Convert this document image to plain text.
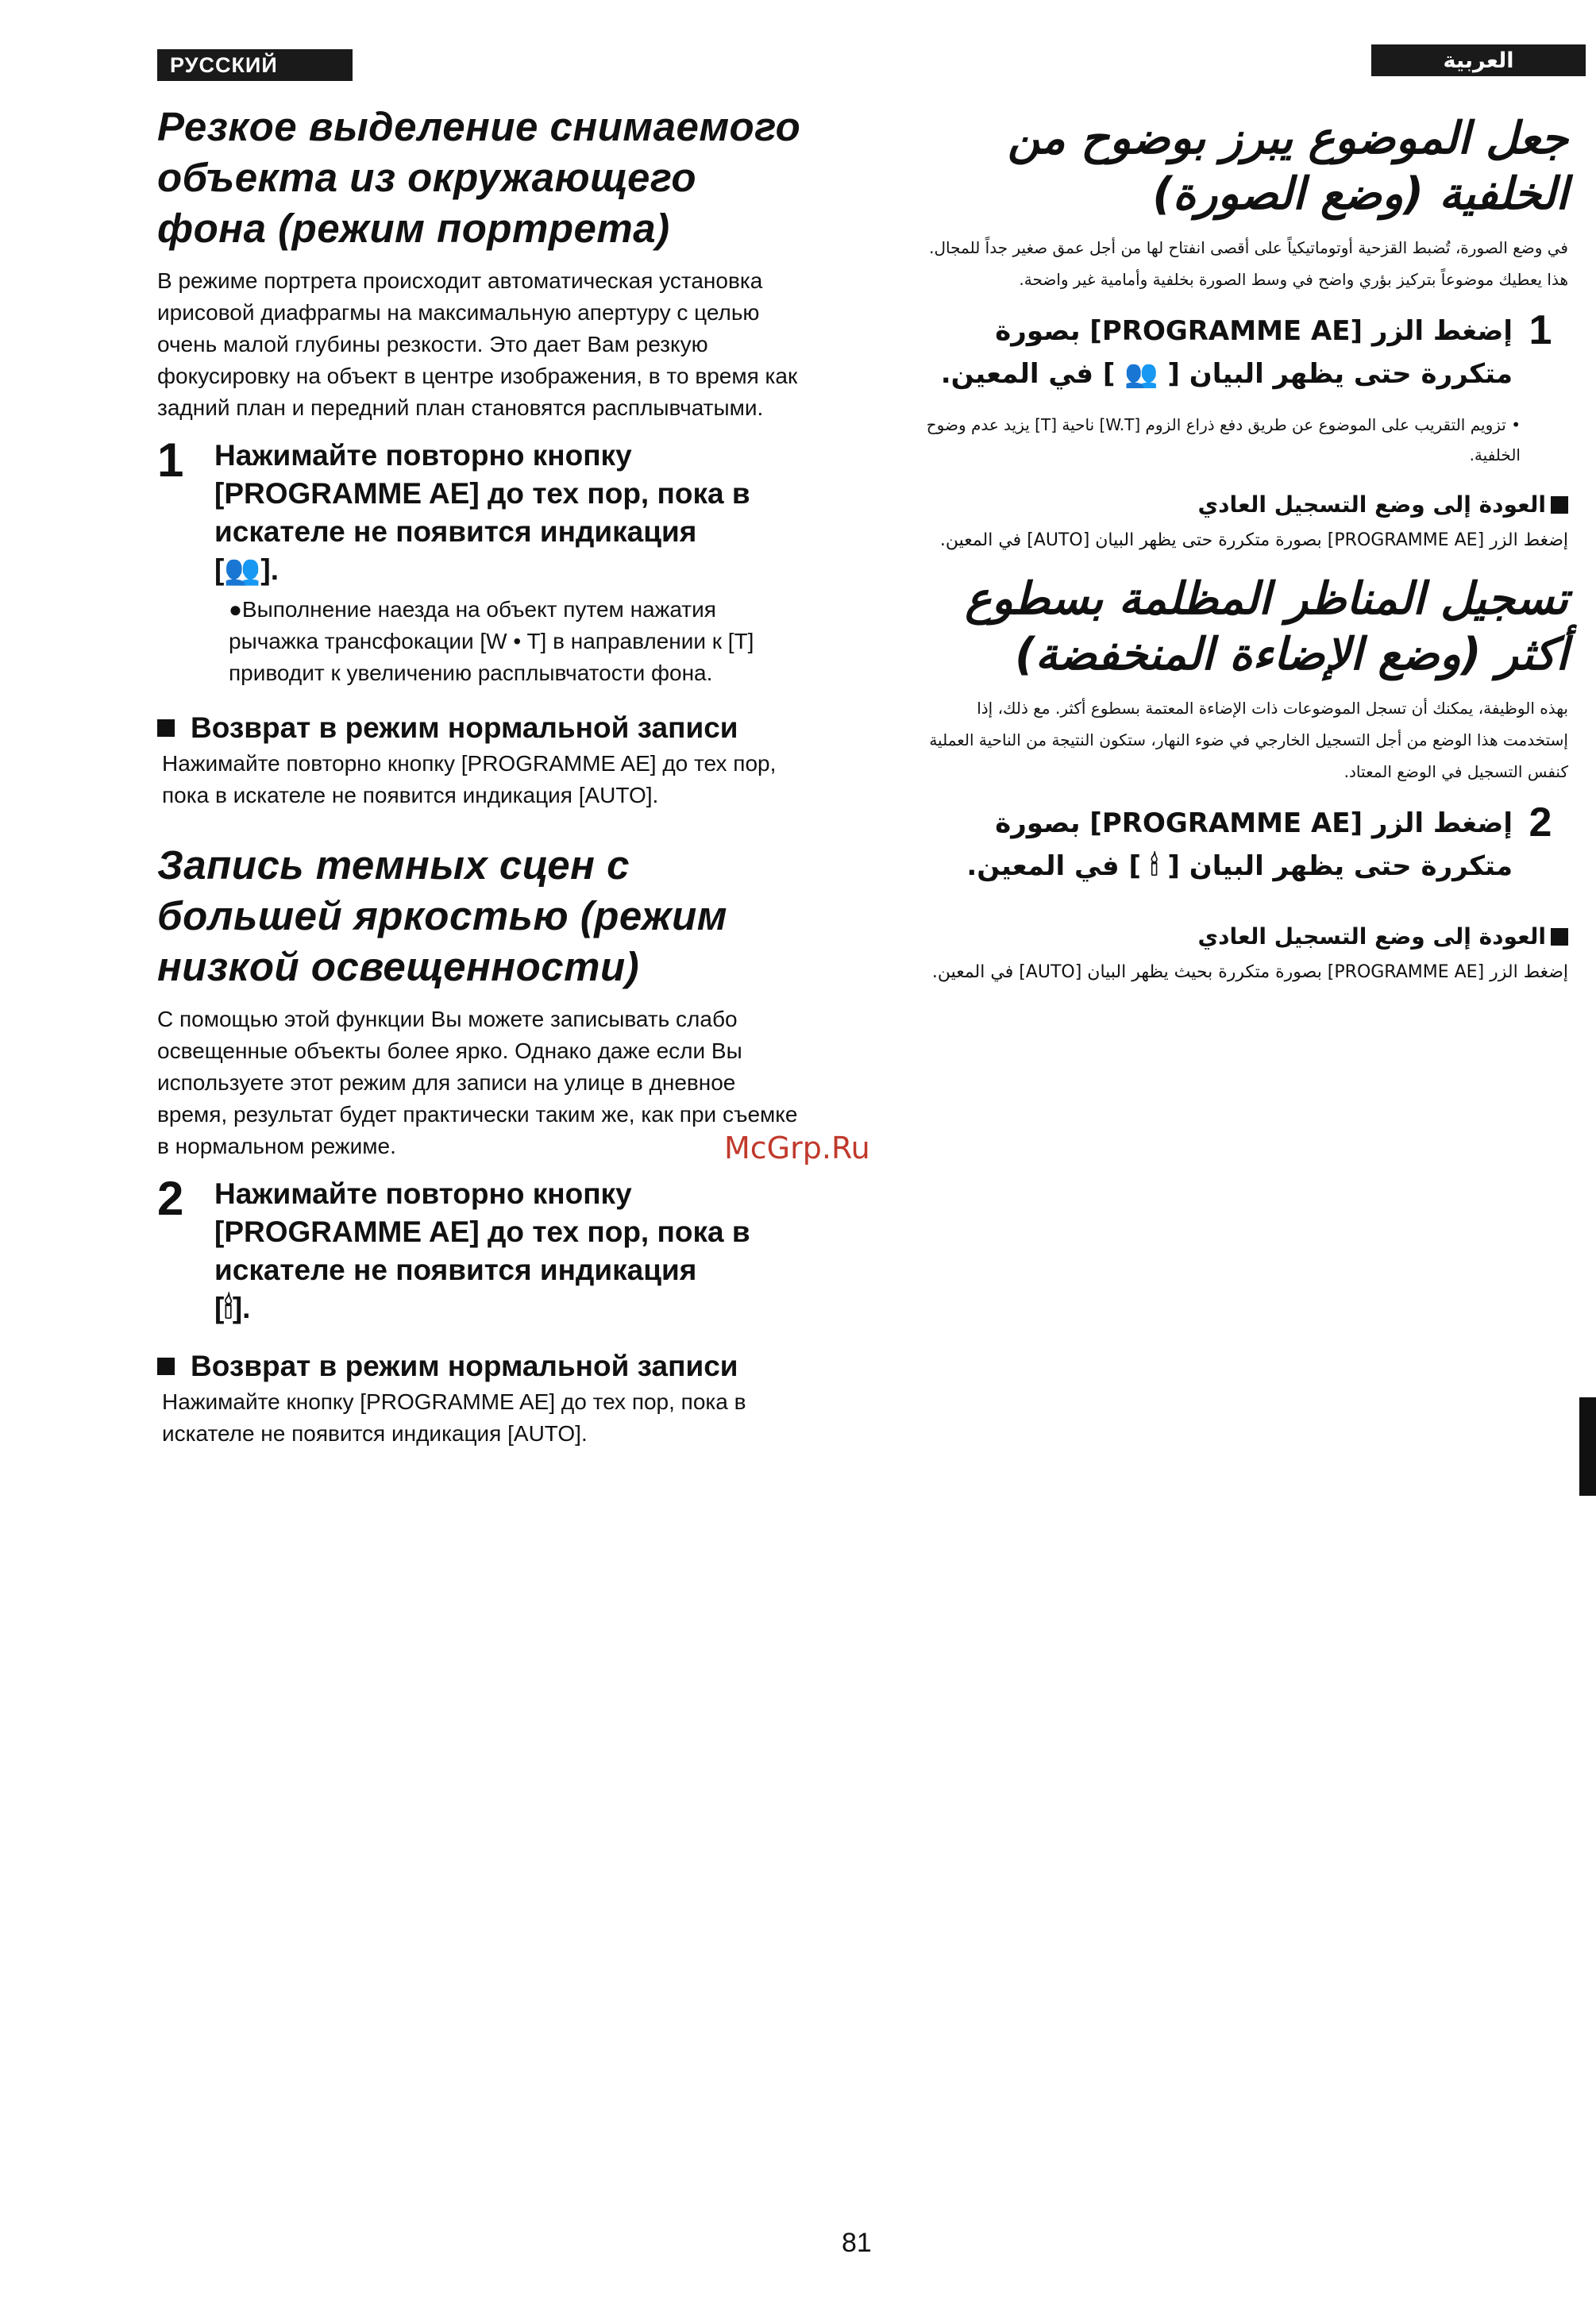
РУССКИЙ ЯЗЫК
العربية
Резкое выделение снимаемого объекта из окружающего фона (режим портрета)

В режиме портрета происходит автоматическая установка ирисовой диафрагмы на максимальную апертуру с целью очень малой глубины резкости. Это дает Вам резкую фокусировку на объект в центре изображения, в то время как задний план и передний план становятся расплывчатыми.

1	Нажимайте повторно кнопку [PROGRAMME AE] до тех пор, пока в искателе не появится индикация
[👥].
●Выполнение наезда на объект путем нажатия рычажка трансфокации [W • T] в направлении к [T] приводит к увеличению расплывчатости фона.
Возврат в режим нормальной записи

Нажимайте повторно кнопку [PROGRAMME AE] до тех пор, пока в искателе не появится индикация [AUTO].

Запись темных сцен с большей яркостью (режим низкой освещенности)

С помощью этой функции Вы можете записывать слабо освещенные объекты более ярко. Однако даже если Вы используете этот режим для записи на улице в дневное время, результат будет практически таким же, как при съемке в нормальном режиме.

2	Нажимайте повторно кнопку [PROGRAMME AE] до тех пор, пока в искателе не появится индикация
[🕯].
Возврат в режим нормальной записи

Нажимайте кнопку [PROGRAMME AE] до тех пор, пока в искателе не появится индикация [AUTO].

جعل الموضوع يبرز بوضوح من الخلفية (وضع الصورة)

في وضع الصورة، تُضبط القزحية أوتوماتيكياً على أقصى انفتاح لها من أجل عمق صغير جداً للمجال. هذا يعطيك موضوعاً بتركيز بؤري واضح في وسط الصورة بخلفية وأمامية غير واضحة.

1
إضغط الزر [PROGRAMME AE] بصورة متكررة حتى يظهر البيان [ 👥 ] في المعين.
• تزويم التقريب على الموضوع عن طريق دفع ذراع الزوم [W.T] ناحية [T] يزيد عدم وضوح الخلفية.
العودة إلى وضع التسجيل العادي

إضغط الزر [PROGRAMME AE] بصورة متكررة حتى يظهر البيان [AUTO] في المعين.

تسجيل المناظر المظلمة بسطوع أكثر (وضع الإضاءة المنخفضة)

بهذه الوظيفة، يمكنك أن تسجل الموضوعات ذات الإضاءة المعتمة بسطوع أكثر. مع ذلك، إذا إستخدمت هذا الوضع من أجل التسجيل الخارجي في ضوء النهار، ستكون النتيجة من الناحية العملية كنفس التسجيل في الوضع المعتاد.

2
إضغط الزر [PROGRAMME AE] بصورة متكررة حتى يظهر البيان [ 🕯 ] في المعين.
العودة إلى وضع التسجيل العادي

إضغط الزر [PROGRAMME AE] بصورة متكررة بحيث يظهر البيان [AUTO] في المعين.

McGrp.Ru
81
